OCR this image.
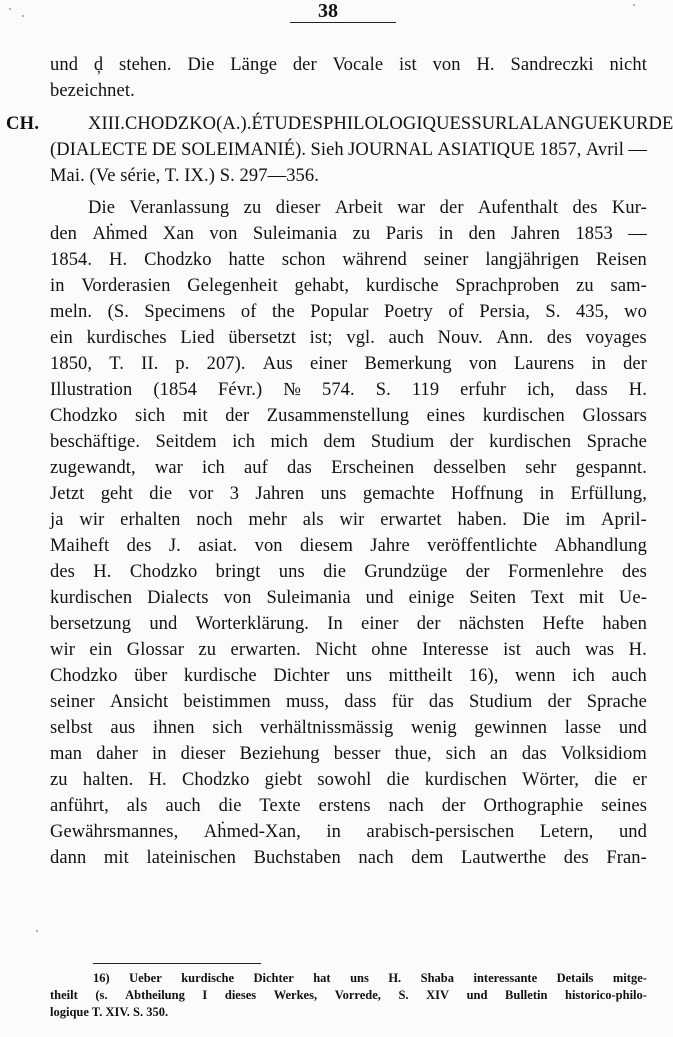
38
CH.
und ḑ stehen. Die Länge der Vocale ist von H. Sandreczki nicht
bezeichnet.
XIII. CHODZKO (A.). ÉTUDES PHILOLOGIQUES SUR LA LANGUE KURDE
(DIALECTE DE SOLEIMANIÉ). Sieh JOURNAL ASIATIQUE 1857, Avril —
Mai. (Ve série, T. IX.) S. 297—356.
Die Veranlassung zu dieser Arbeit war der Aufenthalt des Kur-
den Aḣmed Xan von Suleimania zu Paris in den Jahren 1853 —
1854. H. Chodzko hatte schon während seiner langjährigen Reisen
in Vorderasien Gelegenheit gehabt, kurdische Sprachproben zu sam-
meln. (S. Specimens of the Popular Poetry of Persia, S. 435, wo
ein kurdisches Lied übersetzt ist; vgl. auch Nouv. Ann. des voyages
1850, T. II. p. 207). Aus einer Bemerkung von Laurens in der
Illustration (1854 Févr.) № 574. S. 119 erfuhr ich, dass H.
Chodzko sich mit der Zusammenstellung eines kurdischen Glossars
beschäftige. Seitdem ich mich dem Studium der kurdischen Sprache
zugewandt, war ich auf das Erscheinen desselben sehr gespannt.
Jetzt geht die vor 3 Jahren uns gemachte Hoffnung in Erfüllung,
ja wir erhalten noch mehr als wir erwartet haben. Die im April-
Maiheft des J. asiat. von diesem Jahre veröffentlichte Abhandlung
des H. Chodzko bringt uns die Grundzüge der Formenlehre des
kurdischen Dialects von Suleimania und einige Seiten Text mit Ue-
bersetzung und Worterklärung. In einer der nächsten Hefte haben
wir ein Glossar zu erwarten. Nicht ohne Interesse ist auch was H.
Chodzko über kurdische Dichter uns mittheilt 16), wenn ich auch
seiner Ansicht beistimmen muss, dass für das Studium der Sprache
selbst aus ihnen sich verhältnissmässig wenig gewinnen lasse und
man daher in dieser Beziehung besser thue, sich an das Volksidiom
zu halten. H. Chodzko giebt sowohl die kurdischen Wörter, die er
anführt, als auch die Texte erstens nach der Orthographie seines
Gewährsmannes, Aḣmed-Xan, in arabisch-persischen Letern, und
dann mit lateinischen Buchstaben nach dem Lautwerthe des Fran-
16) Ueber kurdische Dichter hat uns H. Shaba interessante Details mitge-
theilt (s. Abtheilung I dieses Werkes, Vorrede, S. XIV und Bulletin historico-philo-
logique T. XIV. S. 350.
